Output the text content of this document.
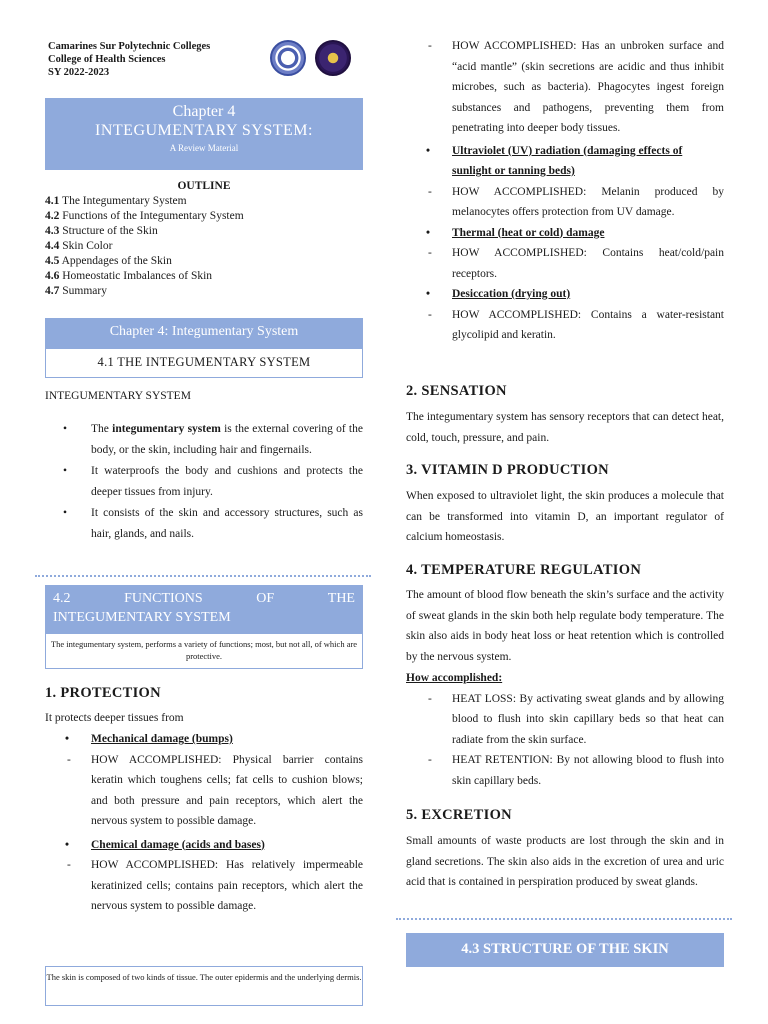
Camarines Sur Polytechnic Colleges
College of Health Sciences
SY 2022-2023
Chapter 4
INTEGUMENTARY SYSTEM:
A Review Material
OUTLINE
4.1 The Integumentary System
4.2 Functions of the Integumentary System
4.3 Structure of the Skin
4.4 Skin Color
4.5 Appendages of the Skin
4.6 Homeostatic Imbalances of Skin
4.7 Summary
Chapter 4: Integumentary System
4.1 THE INTEGUMENTARY SYSTEM
INTEGUMENTARY SYSTEM
• The integumentary system is the external covering of the body, or the skin, including hair and fingernails.
• It waterproofs the body and cushions and protects the deeper tissues from injury.
• It consists of the skin and accessory structures, such as hair, glands, and nails.
4.2	FUNCTIONS	OF	THE
INTEGUMENTARY SYSTEM
The integumentary system, performs a variety of functions; most, but not all, of which are protective.
1. PROTECTION
It protects deeper tissues from
• Mechanical damage (bumps)
- HOW ACCOMPLISHED: Physical barrier contains keratin which toughens cells; fat cells to cushion blows; and both pressure and pain receptors, which alert the nervous system to possible damage.
• Chemical damage (acids and bases)
- HOW ACCOMPLISHED: Has relatively impermeable keratinized cells; contains pain receptors, which alert the nervous system to possible damage.
The skin is composed of two kinds of tissue. The outer epidermis and the underlying dermis.
- HOW ACCOMPLISHED: Has an unbroken surface and “acid mantle” (skin secretions are acidic and thus inhibit microbes, such as bacteria). Phagocytes ingest foreign substances and pathogens, preventing them from penetrating into deeper body tissues.
• Ultraviolet (UV) radiation (damaging effects of sunlight or tanning beds)
- HOW ACCOMPLISHED: Melanin produced by melanocytes offers protection from UV damage.
• Thermal (heat or cold) damage
- HOW ACCOMPLISHED: Contains heat/cold/pain receptors.
• Desiccation (drying out)
- HOW ACCOMPLISHED: Contains a water-resistant glycolipid and keratin.
2. SENSATION
The integumentary system has sensory receptors that can detect heat, cold, touch, pressure, and pain.
3. VITAMIN D PRODUCTION
When exposed to ultraviolet light, the skin produces a molecule that can be transformed into vitamin D, an important regulator of calcium homeostasis.
4. TEMPERATURE REGULATION
The amount of blood flow beneath the skin’s surface and the activity of sweat glands in the skin both help regulate body temperature. The skin also aids in body heat loss or heat retention which is controlled by the nervous system.
How accomplished:
- HEAT LOSS: By activating sweat glands and by allowing blood to flush into skin capillary beds so that heat can radiate from the skin surface.
- HEAT RETENTION: By not allowing blood to flush into skin capillary beds.
5. EXCRETION
Small amounts of waste products are lost through the skin and in gland secretions. The skin also aids in the excretion of urea and uric acid that is contained in perspiration produced by sweat glands.
4.3 STRUCTURE OF THE SKIN
